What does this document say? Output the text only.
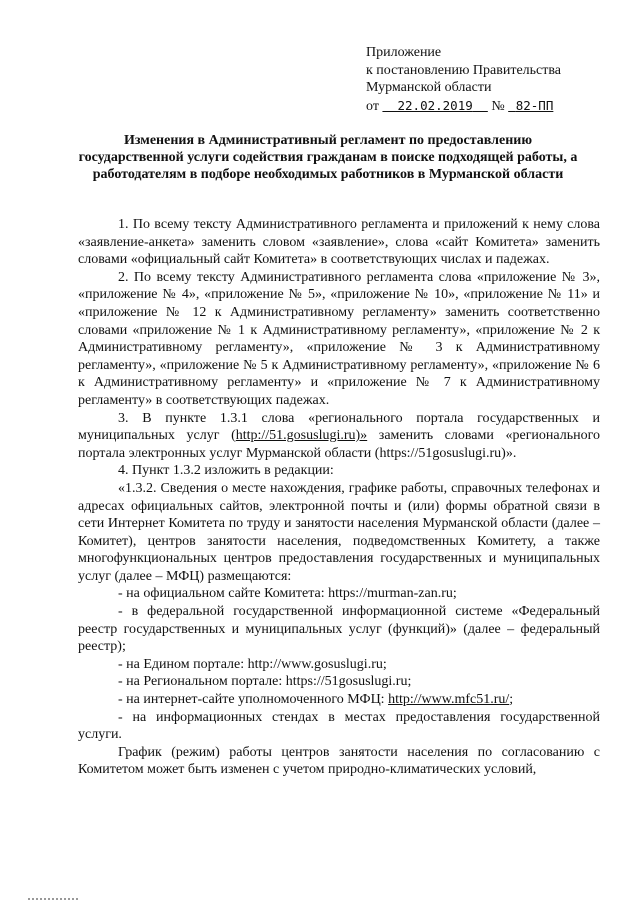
Приложение
к постановлению Правительства
Мурманской области
от 22.02.2019 № 82-ПП
Изменения в Административный регламент по предоставлению государственной услуги содействия гражданам в поиске подходящей работы, а работодателям в подборе необходимых работников в Мурманской области

1. По всему тексту Административного регламента и приложений к нему слова «заявление-анкета» заменить словом «заявление», слова «сайт Комитета» заменить словами «официальный сайт Комитета» в соответствующих числах и падежах.

2. По всему тексту Административного регламента слова «приложение № 3», «приложение № 4», «приложение № 5», «приложение № 10», «приложение № 11» и «приложение № 12 к Административному регламенту» заменить соответственно словами «приложение № 1 к Административному регламенту», «приложение № 2 к Административному регламенту», «приложение № 3 к Административному регламенту», «приложение № 5 к Административному регламенту», «приложение № 6 к Административному регламенту» и «приложение № 7 к Административному регламенту» в соответствующих падежах.

3. В пункте 1.3.1 слова «регионального портала государственных и муниципальных услуг (http://51.gosuslugi.ru)» заменить словами «регионального портала электронных услуг Мурманской области (https://51gosuslugi.ru)».

4. Пункт 1.3.2 изложить в редакции:

«1.3.2. Сведения о месте нахождения, графике работы, справочных телефонах и адресах официальных сайтов, электронной почты и (или) формы обратной связи в сети Интернет Комитета по труду и занятости населения Мурманской области (далее – Комитет), центров занятости населения, подведомственных Комитету, а также многофункциональных центров предоставления государственных и муниципальных услуг (далее – МФЦ) размещаются:

- на официальном сайте Комитета: https://murman-zan.ru;

- в федеральной государственной информационной системе «Федеральный реестр государственных и муниципальных услуг (функций)» (далее – федеральный реестр);

- на Едином портале: http://www.gosuslugi.ru;

- на Региональном портале: https://51gosuslugi.ru;

- на интернет-сайте уполномоченного МФЦ: http://www.mfc51.ru/;

- на информационных стендах в местах предоставления государственной услуги.

График (режим) работы центров занятости населения по согласованию с Комитетом может быть изменен с учетом природно-климатических условий,
